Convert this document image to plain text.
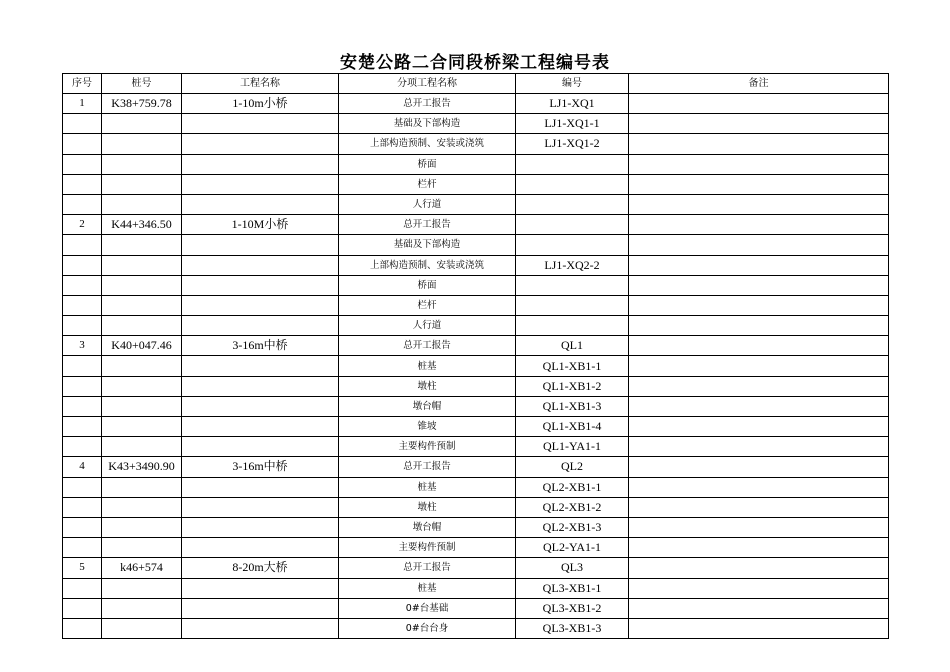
安楚公路二合同段桥梁工程编号表
序号	桩号	工程名称	分项工程名称	编号	备注
1	K38+759.78	1-10m小桥	总开工报告	LJ1-XQ1	
			基础及下部构造	LJ1-XQ1-1	
			上部构造预制、安装或浇筑	LJ1-XQ1-2	
			桥面		
			栏杆		
			人行道		
2	K44+346.50	1-10M小桥	总开工报告		
			基础及下部构造		
			上部构造预制、安装或浇筑	LJ1-XQ2-2	
			桥面		
			栏杆		
			人行道		
3	K40+047.46	3-16m中桥	总开工报告	QL1	
			桩基	QL1-XB1-1	
			墩柱	QL1-XB1-2	
			墩台帽	QL1-XB1-3	
			锥坡	QL1-XB1-4	
			主要构件预制	QL1-YA1-1	
4	K43+3490.90	3-16m中桥	总开工报告	QL2	
			桩基	QL2-XB1-1	
			墩柱	QL2-XB1-2	
			墩台帽	QL2-XB1-3	
			主要构件预制	QL2-YA1-1	
5	k46+574	8-20m大桥	总开工报告	QL3	
			桩基	QL3-XB1-1	
			0#台基础	QL3-XB1-2	
			0#台台身	QL3-XB1-3	
